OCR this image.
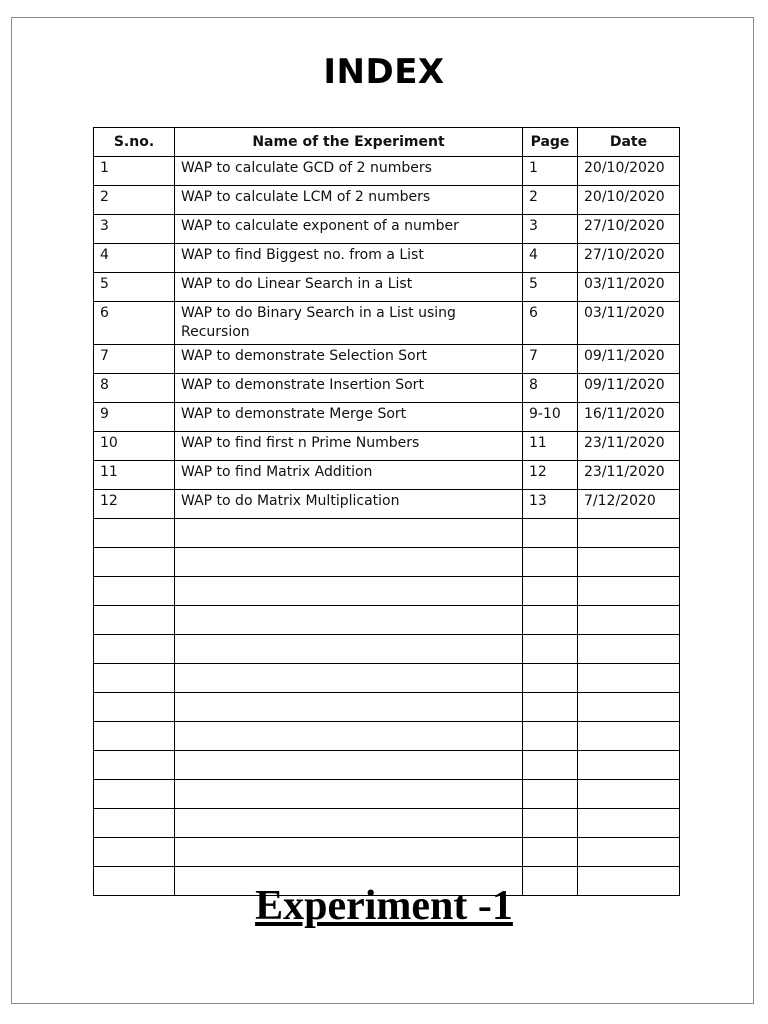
INDEX
S.no.	Name of the Experiment	Page	Date
1	WAP to calculate GCD of 2 numbers	1	20/10/2020
2	WAP to calculate LCM of 2 numbers	2	20/10/2020
3	WAP to calculate exponent of a number	3	27/10/2020
4	WAP to find Biggest no. from a List	4	27/10/2020
5	WAP to do Linear Search in a List	5	03/11/2020
6	WAP to do Binary Search in a List using Recursion	6	03/11/2020
7	WAP to demonstrate Selection Sort	7	09/11/2020
8	WAP to demonstrate Insertion Sort	8	09/11/2020
9	WAP to demonstrate Merge Sort	9-10	16/11/2020
10	WAP to find first n Prime Numbers	11	23/11/2020
11	WAP to find Matrix Addition	12	23/11/2020
12	WAP to do Matrix Multiplication	13	7/12/2020

Experiment -1
